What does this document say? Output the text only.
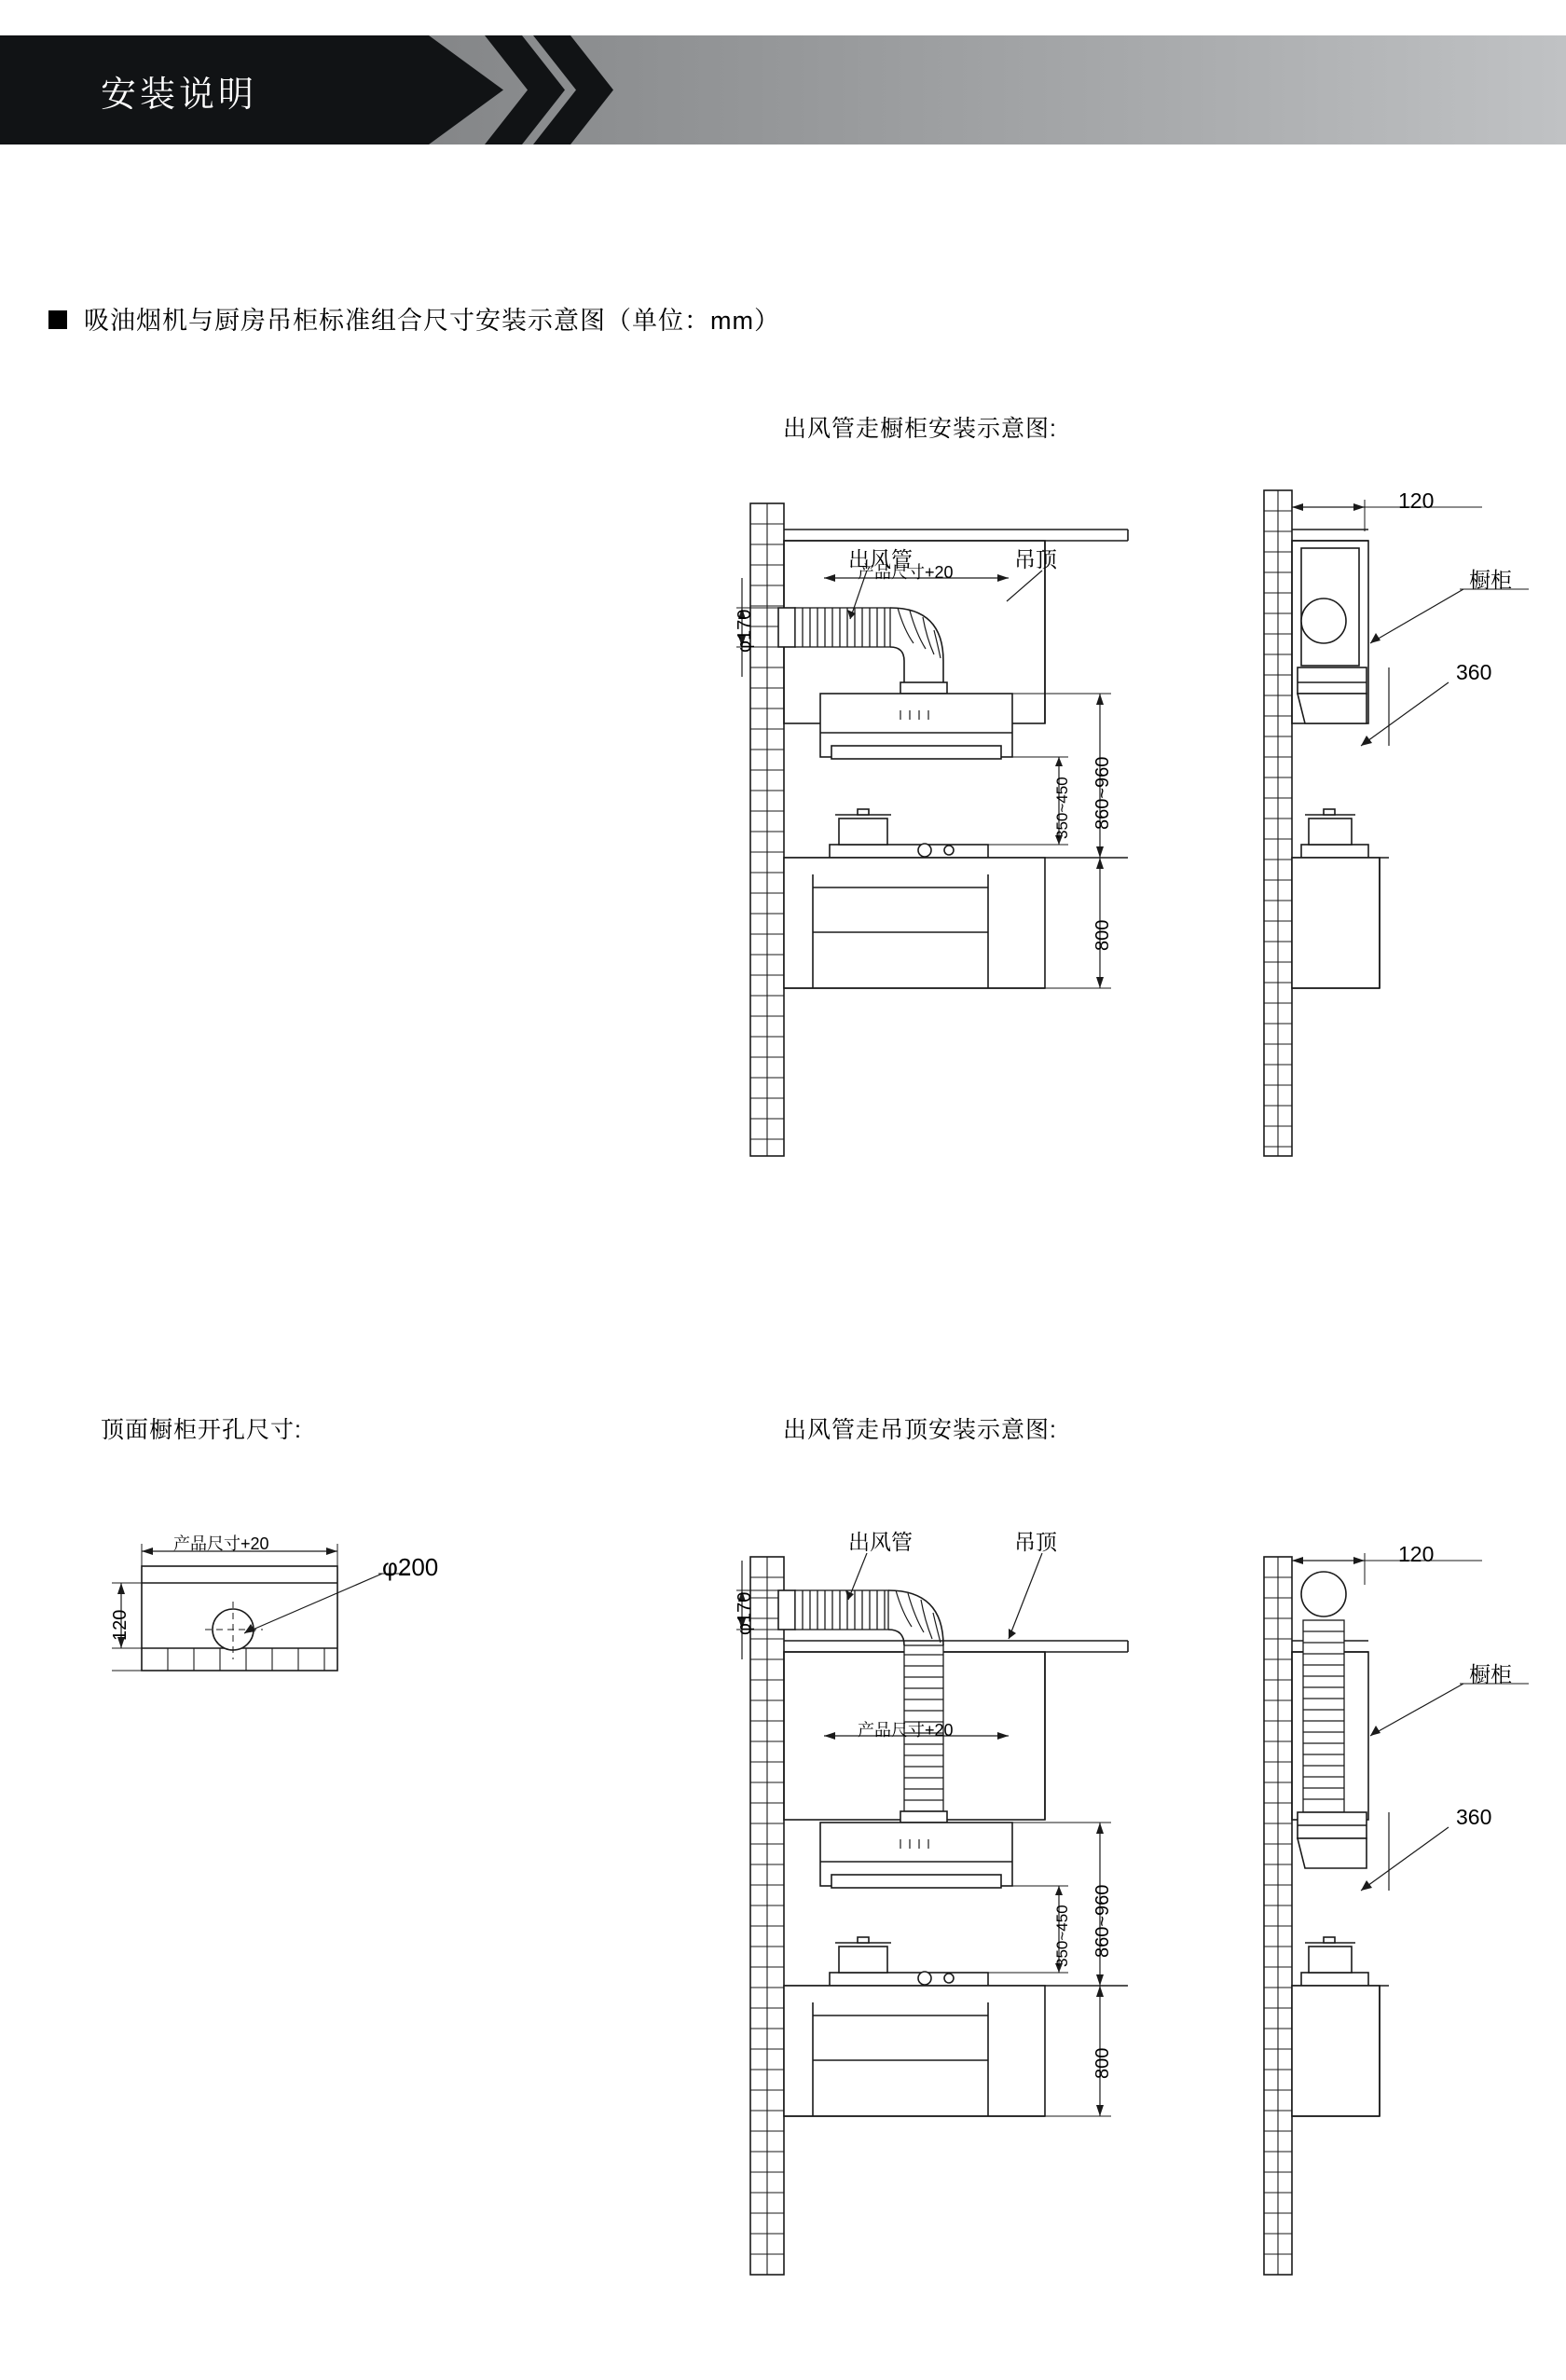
安装说明
吸油烟机与厨房吊柜标准组合尺寸安装示意图（单位：mm）
出风管走橱柜安装示意图:
顶面橱柜开孔尺寸:	出风管走吊顶安装示意图:
出风管	吊顶
φ170
产品尺寸+20
860~960
350~450
800
120
橱柜
360
产品尺寸+20
120
φ200
出风管	吊顶
φ170
产品尺寸+20
860~960
350~450
800
120
橱柜
360
